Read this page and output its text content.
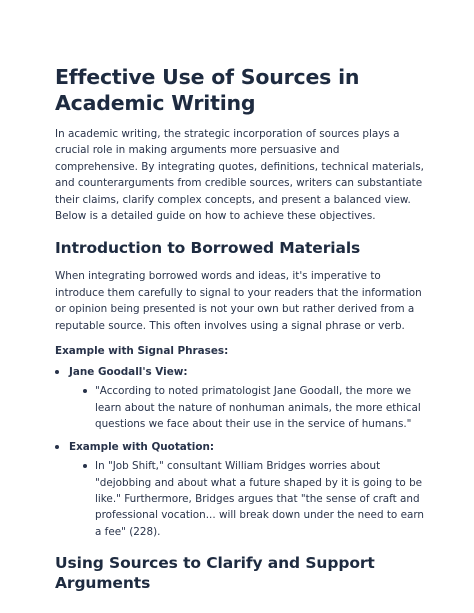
Effective Use of Sources in Academic Writing

In academic writing, the strategic incorporation of sources plays a crucial role in making arguments more persuasive and comprehensive. By integrating quotes, definitions, technical materials, and counterarguments from credible sources, writers can substantiate their claims, clarify complex concepts, and present a balanced view. Below is a detailed guide on how to achieve these objectives.

Introduction to Borrowed Materials

When integrating borrowed words and ideas, it's imperative to introduce them carefully to signal to your readers that the information or opinion being presented is not your own but rather derived from a reputable source. This often involves using a signal phrase or verb.

Example with Signal Phrases:
Jane Goodall's View:
"According to noted primatologist Jane Goodall, the more we learn about the nature of nonhuman animals, the more ethical questions we face about their use in the service of humans."
Example with Quotation:
In "Job Shift," consultant William Bridges worries about "dejobbing and about what a future shaped by it is going to be like." Furthermore, Bridges argues that "the sense of craft and professional vocation... will break down under the need to earn a fee" (228).
Using Sources to Clarify and Support Arguments
